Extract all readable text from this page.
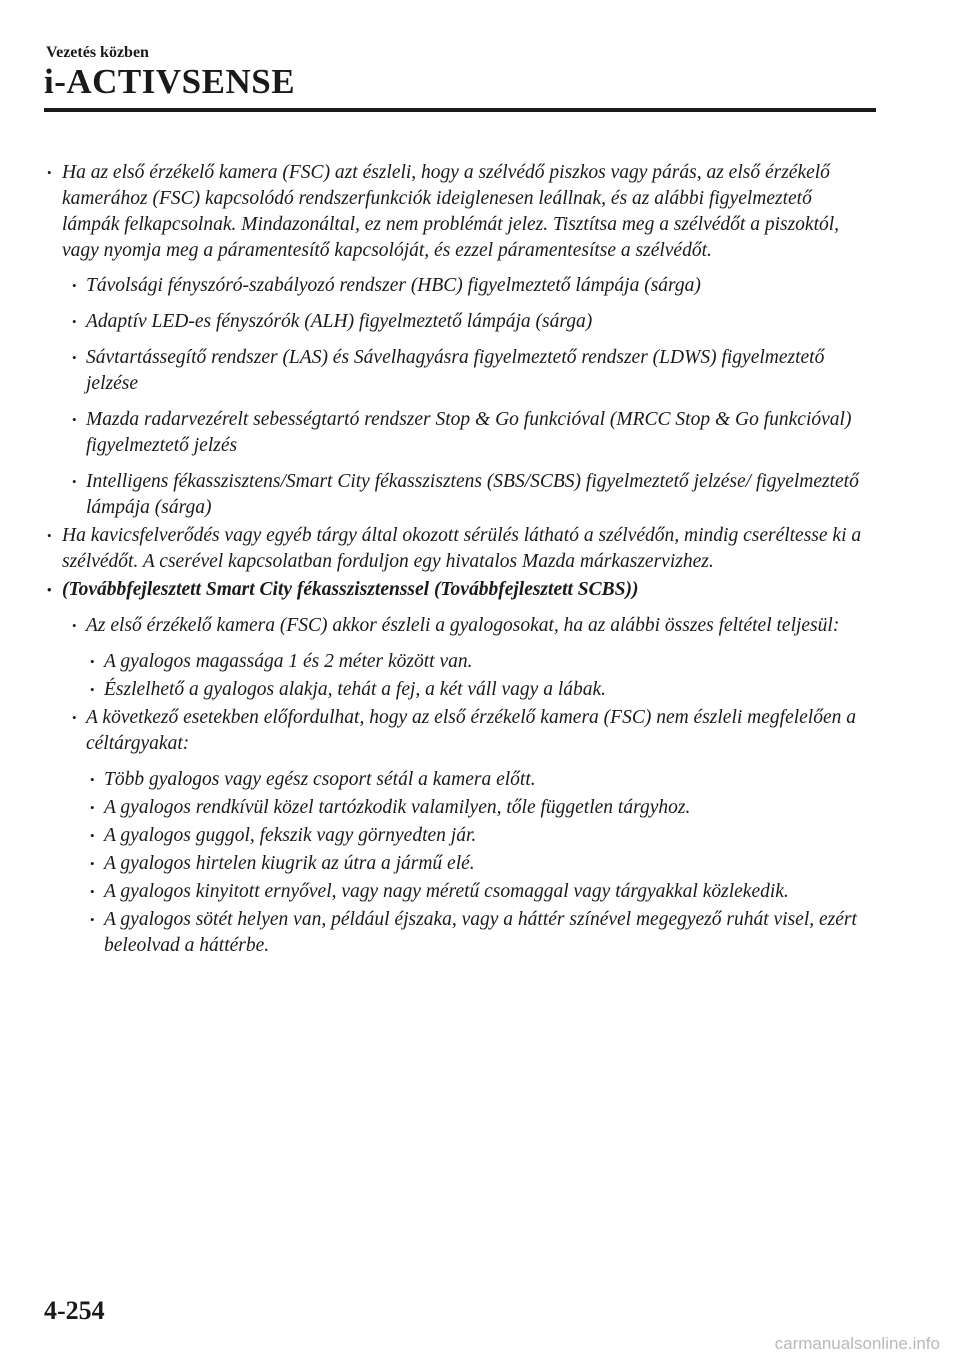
Vezetés közben
i-ACTIVSENSE
• Ha az első érzékelő kamera (FSC) azt észleli, hogy a szélvédő piszkos vagy párás, az első érzékelő kamerához (FSC) kapcsolódó rendszerfunkciók ideiglenesen leállnak, és az alábbi figyelmeztető lámpák felkapcsolnak. Mindazonáltal, ez nem problémát jelez. Tisztítsa meg a szélvédőt a piszoktól, vagy nyomja meg a páramentesítő kapcsolóját, és ezzel páramentesítse a szélvédőt.
• Távolsági fényszóró-szabályozó rendszer (HBC) figyelmeztető lámpája (sárga)
• Adaptív LED-es fényszórók (ALH) figyelmeztető lámpája (sárga)
• Sávtartássegítő rendszer (LAS) és Sávelhagyásra figyelmeztető rendszer (LDWS) figyelmeztető jelzése
• Mazda radarvezérelt sebességtartó rendszer Stop & Go funkcióval (MRCC Stop & Go funkcióval) figyelmeztető jelzés
• Intelligens fékasszisztens/Smart City fékasszisztens (SBS/SCBS) figyelmeztető jelzése/ figyelmeztető lámpája (sárga)
• Ha kavicsfelverődés vagy egyéb tárgy által okozott sérülés látható a szélvédőn, mindig cseréltesse ki a szélvédőt. A cserével kapcsolatban forduljon egy hivatalos Mazda márkaszervizhez.
• (Továbbfejlesztett Smart City fékasszisztenssel (Továbbfejlesztett SCBS))
• Az első érzékelő kamera (FSC) akkor észleli a gyalogosokat, ha az alábbi összes feltétel teljesül:
• A gyalogos magassága 1 és 2 méter között van.
• Észlelhető a gyalogos alakja, tehát a fej, a két váll vagy a lábak.
• A következő esetekben előfordulhat, hogy az első érzékelő kamera (FSC) nem észleli megfelelően a céltárgyakat:
• Több gyalogos vagy egész csoport sétál a kamera előtt.
• A gyalogos rendkívül közel tartózkodik valamilyen, tőle független tárgyhoz.
• A gyalogos guggol, fekszik vagy görnyedten jár.
• A gyalogos hirtelen kiugrik az útra a jármű elé.
• A gyalogos kinyitott ernyővel, vagy nagy méretű csomaggal vagy tárgyakkal közlekedik.
• A gyalogos sötét helyen van, például éjszaka, vagy a háttér színével megegyező ruhát visel, ezért beleolvad a háttérbe.
4-254
carmanualsonline.info
